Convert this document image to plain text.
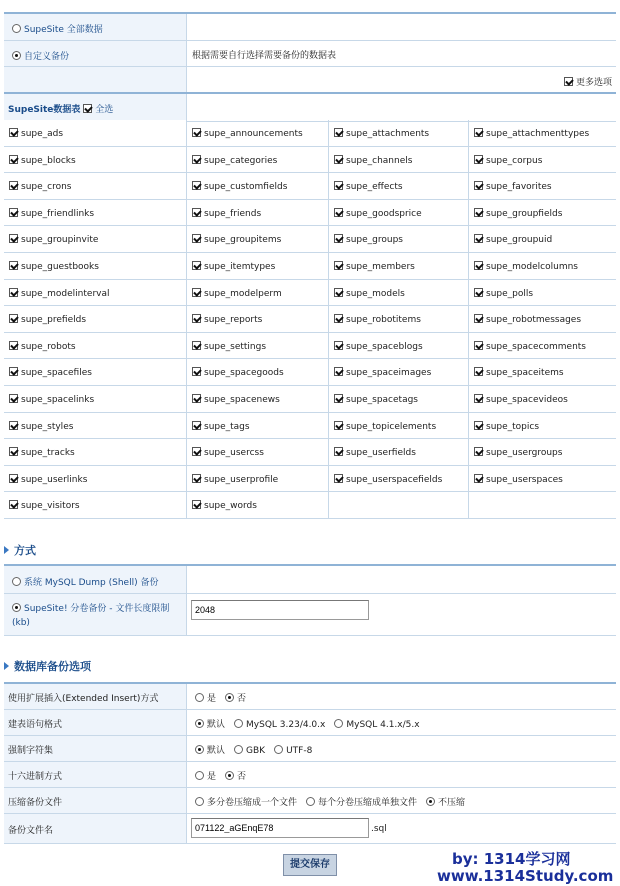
SupeSite 全部数据
自定义备份	根据需要自行选择需要备份的数据表
更多选项
SupeSite数据表 全选
supe_ads	supe_announcements	supe_attachments	supe_attachmenttypes
supe_blocks	supe_categories	supe_channels	supe_corpus
supe_crons	supe_customfields	supe_effects	supe_favorites
supe_friendlinks	supe_friends	supe_goodsprice	supe_groupfields
supe_groupinvite	supe_groupitems	supe_groups	supe_groupuid
supe_guestbooks	supe_itemtypes	supe_members	supe_modelcolumns
supe_modelinterval	supe_modelperm	supe_models	supe_polls
supe_prefields	supe_reports	supe_robotitems	supe_robotmessages
supe_robots	supe_settings	supe_spaceblogs	supe_spacecomments
supe_spacefiles	supe_spacegoods	supe_spaceimages	supe_spaceitems
supe_spacelinks	supe_spacenews	supe_spacetags	supe_spacevideos
supe_styles	supe_tags	supe_topicelements	supe_topics
supe_tracks	supe_usercss	supe_userfields	supe_usergroups
supe_userlinks	supe_userprofile	supe_userspacefields	supe_userspaces
supe_visitors	supe_words
方式
系统 MySQL Dump (Shell) 备份
SupeSite! 分卷备份 - 文件长度限制(kb)
2048
数据库备份选项
使用扩展插入(Extended Insert)方式	是 否
建表语句格式	默认 MySQL 3.23/4.0.x MySQL 4.1.x/5.x
强制字符集	默认 GBK UTF-8
十六进制方式	是 否
压缩备份文件	多分卷压缩成一个文件 每个分卷压缩成单独文件 不压缩
备份文件名
071122_aGEnqE78	.sql
提交保存	by: 1314学习网
www.1314Study.com
